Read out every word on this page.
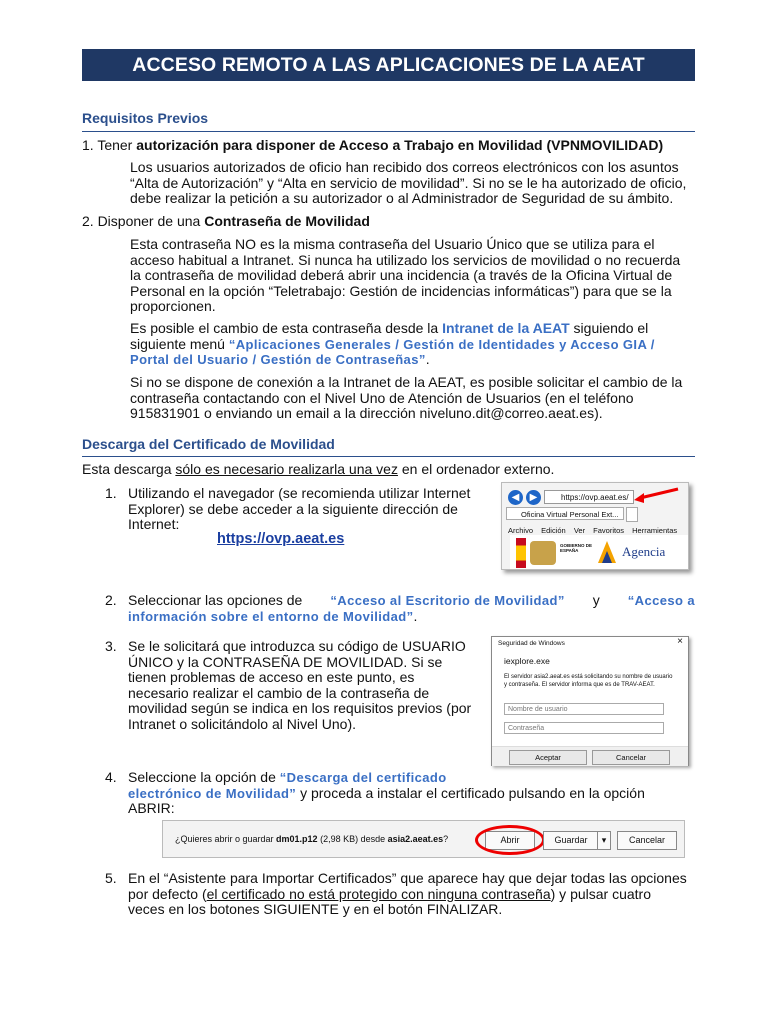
ACCESO REMOTO A LAS APLICACIONES DE LA AEAT
Requisitos Previos
1. Tener autorización para disponer de Acceso a Trabajo en Movilidad (VPNMOVILIDAD)
Los usuarios autorizados de oficio han recibido dos correos electrónicos con los asuntos
“Alta de Autorización” y “Alta en servicio de movilidad”. Si no se le ha autorizado de oficio,
debe realizar la petición a su autorizador o al Administrador de Seguridad de su ámbito.
2. Disponer de una Contraseña de Movilidad
Esta contraseña NO es la misma contraseña del Usuario Único que se utiliza para el
acceso habitual a Intranet. Si nunca ha utilizado los servicios de movilidad o no recuerda
la contraseña de movilidad deberá abrir una incidencia (a través de la Oficina Virtual de
Personal en la opción “Teletrabajo: Gestión de incidencias informáticas”) para que se la
proporcionen.
Es posible el cambio de esta contraseña desde la Intranet de la AEAT siguiendo el
siguiente menú “Aplicaciones Generales / Gestión de Identidades y Acceso GIA /
Portal del Usuario / Gestión de Contraseñas”.
Si no se dispone de conexión a la Intranet de la AEAT, es posible solicitar el cambio de la
contraseña contactando con el Nivel Uno de Atención de Usuarios (en el teléfono
915831901 o enviando un email a la dirección niveluno.dit@correo.aeat.es).
Descarga del Certificado de Movilidad
Esta descarga sólo es necesario realizarla una vez en el ordenador externo.
1. Utilizando el navegador (se recomienda utilizar Internet
Explorer) se debe acceder a la siguiente dirección de
Internet:
https://ovp.aeat.es
◀	▶	https://ovp.aeat.es/
Oficina Virtual Personal Ext...
Archivo Edición Ver Favoritos Herramientas
GOBIERNO DE ESPAÑA	Agencia
2. Seleccionar las opciones de “Acceso al Escritorio de Movilidad” y “Acceso a
información sobre el entorno de Movilidad”.
3. Se le solicitará que introduzca su código de USUARIO
ÚNICO y la CONTRASEÑA DE MOVILIDAD. Si se
tienen problemas de acceso en este punto, es
necesario realizar el cambio de la contraseña de
movilidad según se indica en los requisitos previos (por
Intranet o solicitándolo al Nivel Uno).
Seguridad de Windows	×
iexplore.exe
El servidor asia2.aeat.es está solicitando su nombre de usuario y contraseña. El servidor informa que es de TRAV-AEAT.
Nombre de usuario
Contraseña
Aceptar	Cancelar
4. Seleccione la opción de “Descarga del certificado
electrónico de Movilidad” y proceda a instalar el certificado pulsando en la opción
ABRIR:
¿Quieres abrir o guardar dm01.p12 (2,98 KB) desde asia2.aeat.es?	Abrir	Guardar	▾	Cancelar
5. En el “Asistente para Importar Certificados” que aparece hay que dejar todas las opciones
por defecto (el certificado no está protegido con ninguna contraseña) y pulsar cuatro
veces en los botones SIGUIENTE y en el botón FINALIZAR.
